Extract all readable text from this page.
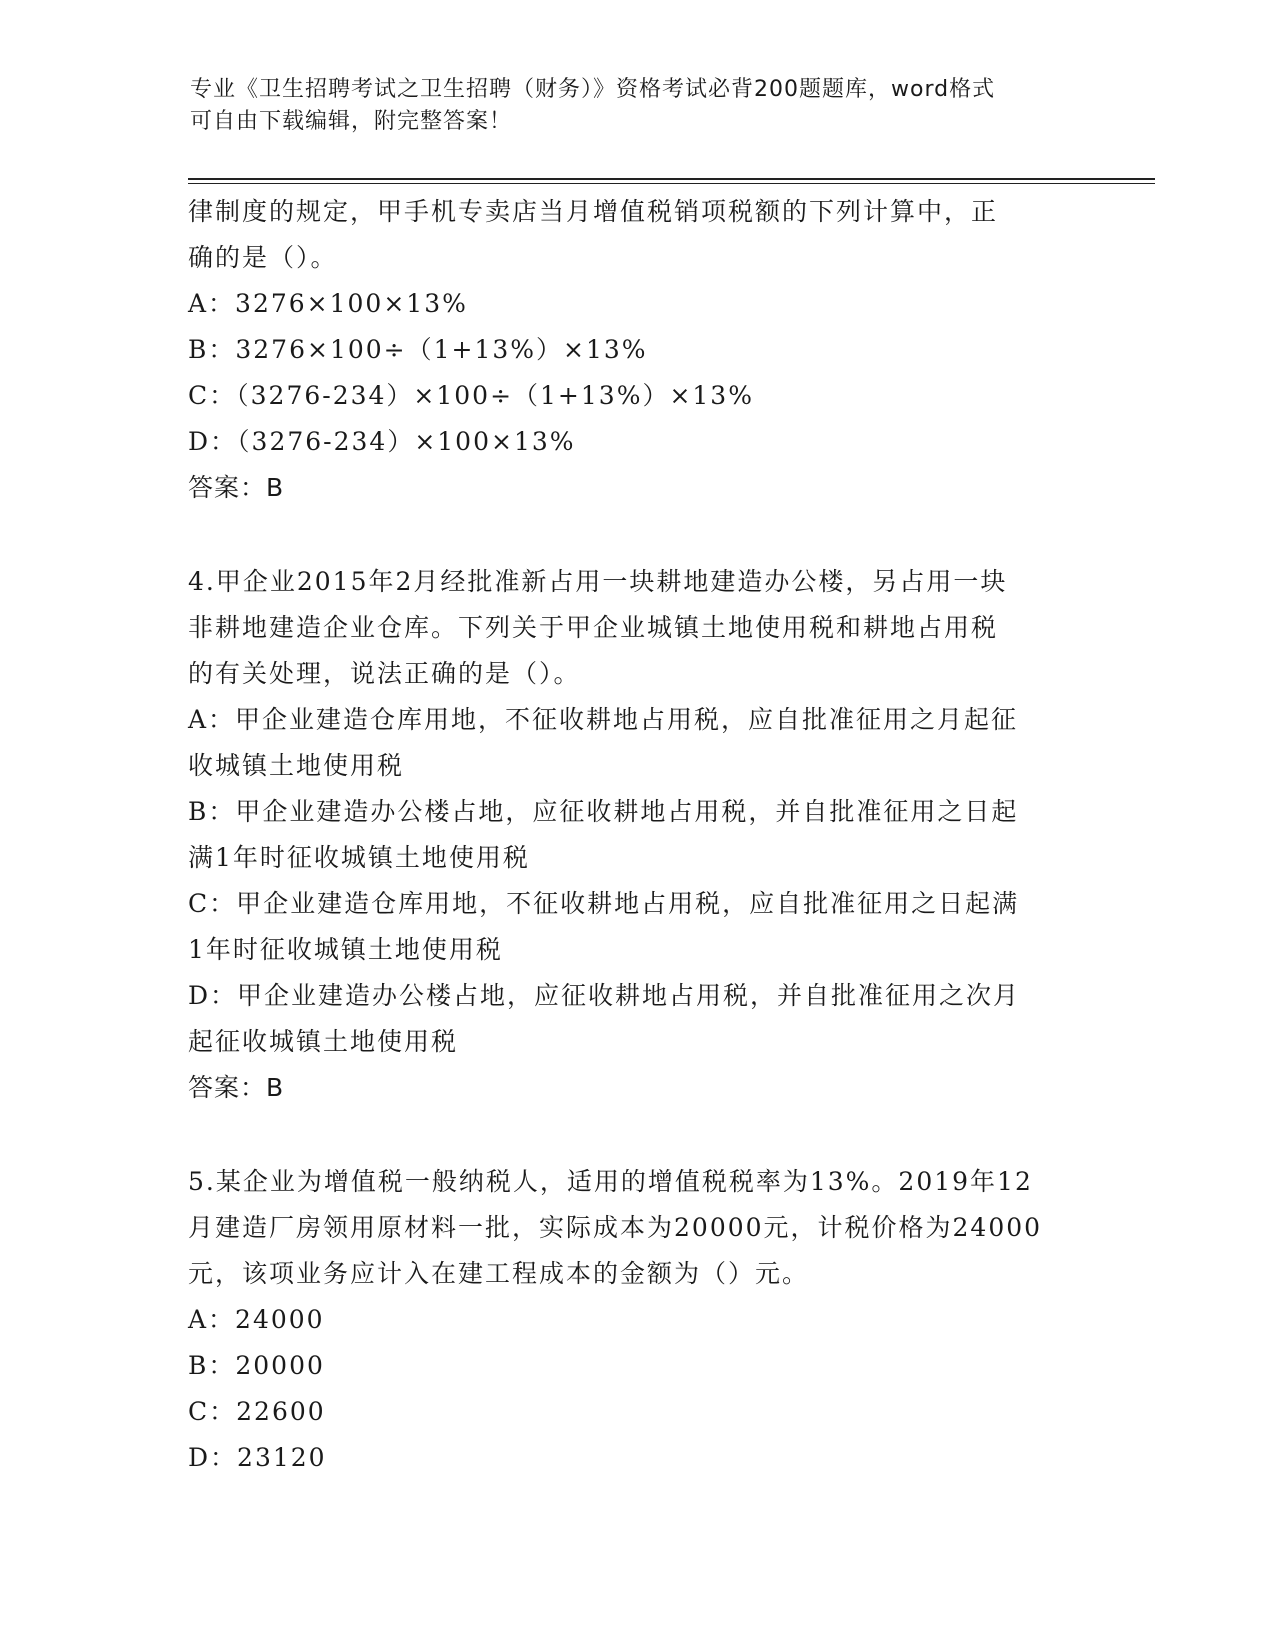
专业《卫生招聘考试之卫生招聘（财务）》资格考试必背200题题库，word格式
可自由下载编辑，附完整答案！
律制度的规定，甲手机专卖店当月增值税销项税额的下列计算中，正
确的是（）。
A：3276×100×13%
B：3276×100÷（1+13%）×13%
C：（3276-234）×100÷（1+13%）×13%
D：（3276-234）×100×13%
答案：B
4.甲企业2015年2月经批准新占用一块耕地建造办公楼，另占用一块
非耕地建造企业仓库。下列关于甲企业城镇土地使用税和耕地占用税
的有关处理，说法正确的是（）。
A：甲企业建造仓库用地，不征收耕地占用税，应自批准征用之月起征
收城镇土地使用税
B：甲企业建造办公楼占地，应征收耕地占用税，并自批准征用之日起
满1年时征收城镇土地使用税
C：甲企业建造仓库用地，不征收耕地占用税，应自批准征用之日起满
1年时征收城镇土地使用税
D：甲企业建造办公楼占地，应征收耕地占用税，并自批准征用之次月
起征收城镇土地使用税
答案：B
5.某企业为增值税一般纳税人，适用的增值税税率为13%。2019年12
月建造厂房领用原材料一批，实际成本为20000元，计税价格为24000
元，该项业务应计入在建工程成本的金额为（）元。
A：24000
B：20000
C：22600
D：23120
